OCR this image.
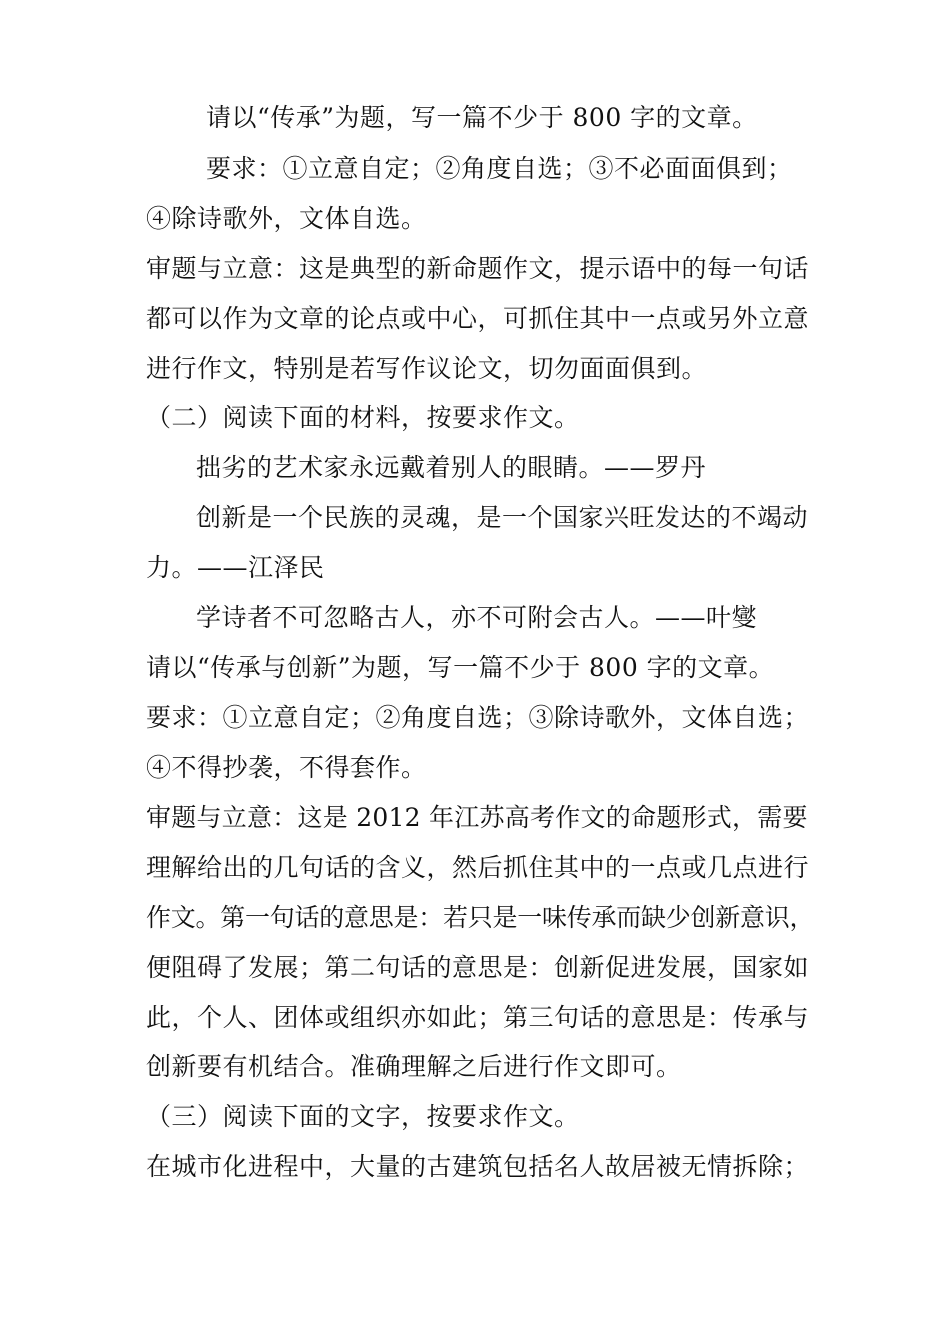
请以“传承”为题，写一篇不少于 800 字的文章。
要求：①立意自定；②角度自选；③不必面面俱到；
④除诗歌外，文体自选。
审题与立意：这是典型的新命题作文，提示语中的每一句话
都可以作为文章的论点或中心，可抓住其中一点或另外立意
进行作文，特别是若写作议论文，切勿面面俱到。
（二）阅读下面的材料，按要求作文。
拙劣的艺术家永远戴着别人的眼睛。——罗丹
创新是一个民族的灵魂，是一个国家兴旺发达的不竭动
力。——江泽民
学诗者不可忽略古人，亦不可附会古人。——叶燮
请以“传承与创新”为题，写一篇不少于 800 字的文章。
要求：①立意自定；②角度自选；③除诗歌外，文体自选；
④不得抄袭，不得套作。
审题与立意：这是 2012 年江苏高考作文的命题形式，需要
理解给出的几句话的含义，然后抓住其中的一点或几点进行
作文。第一句话的意思是：若只是一味传承而缺少创新意识，
便阻碍了发展；第二句话的意思是：创新促进发展，国家如
此，个人、团体或组织亦如此；第三句话的意思是：传承与
创新要有机结合。准确理解之后进行作文即可。
（三）阅读下面的文字，按要求作文。
在城市化进程中，大量的古建筑包括名人故居被无情拆除；
